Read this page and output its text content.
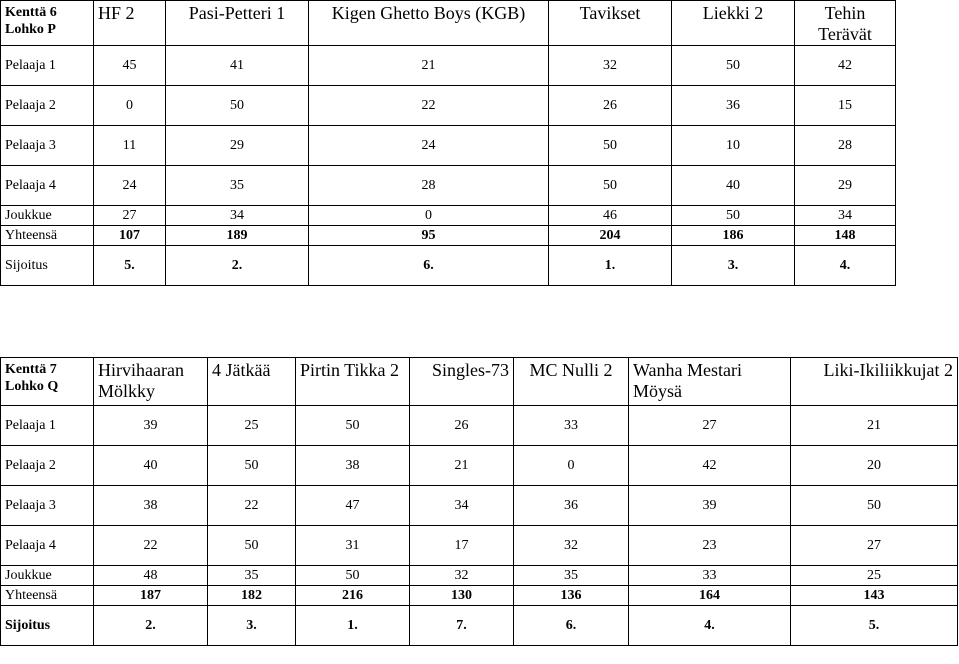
Kenttä 6
Lohko P	HF 2	Pasi-Petteri 1	Kigen Ghetto Boys (KGB)	Tavikset	Liekki 2	Tehin Terävät
Pelaaja 1	45	41	21	32	50	42
Pelaaja 2	0	50	22	26	36	15
Pelaaja 3	11	29	24	50	10	28
Pelaaja 4	24	35	28	50	40	29
Joukkue	27	34	0	46	50	34
Yhteensä	107	189	95	204	186	148
Sijoitus	5.	2.	6.	1.	3.	4.
Kenttä 7
Lohko Q	Hirvihaaran Mölkky	4 Jätkää	Pirtin Tikka 2	Singles-73	MC Nulli 2	Wanha Mestari Möysä	Liki-Ikiliikkujat 2
Pelaaja 1	39	25	50	26	33	27	21
Pelaaja 2	40	50	38	21	0	42	20
Pelaaja 3	38	22	47	34	36	39	50
Pelaaja 4	22	50	31	17	32	23	27
Joukkue	48	35	50	32	35	33	25
Yhteensä	187	182	216	130	136	164	143
Sijoitus	2.	3.	1.	7.	6.	4.	5.
